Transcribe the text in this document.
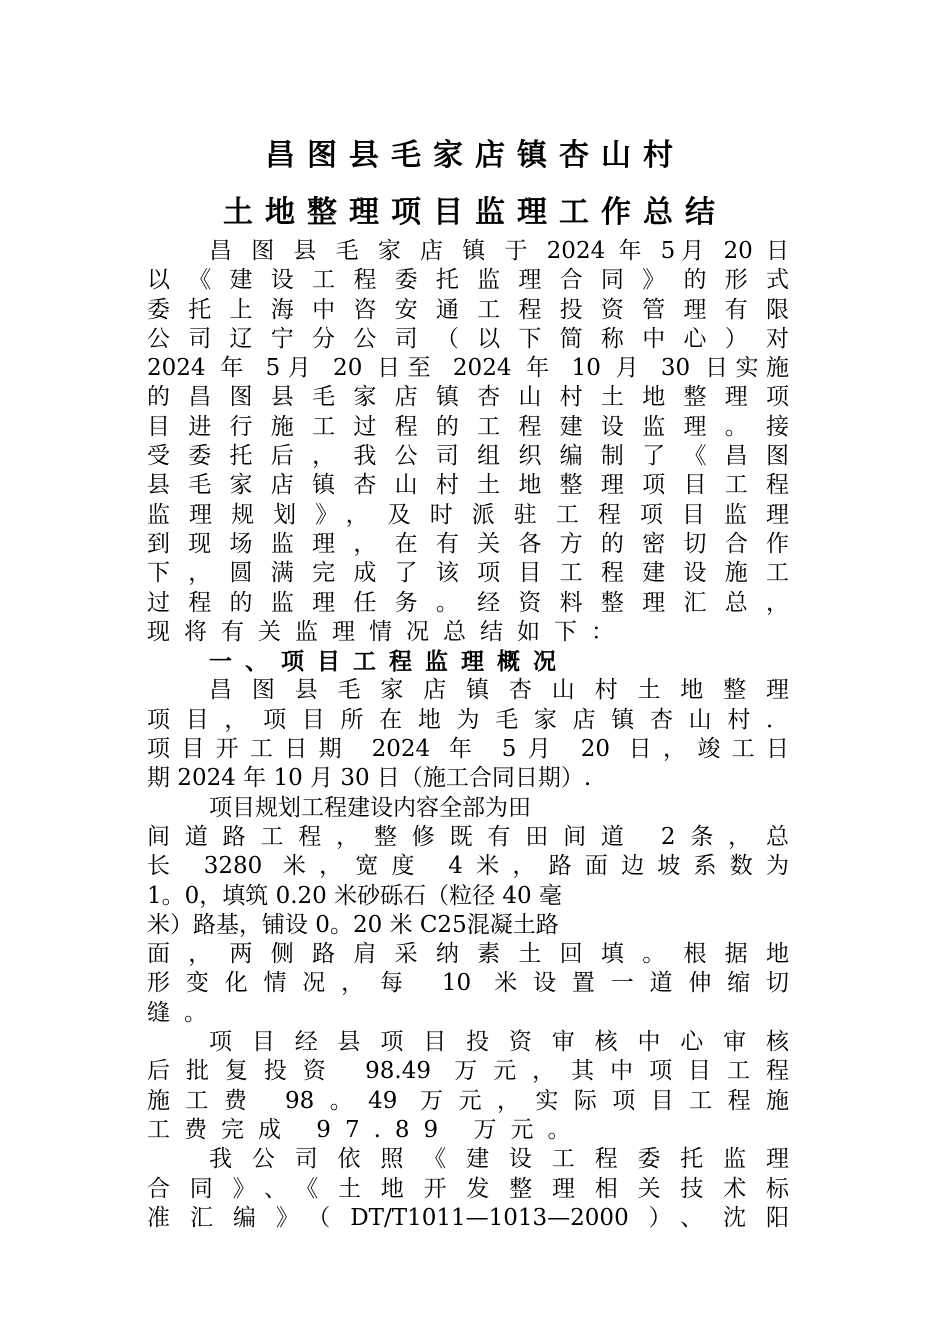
昌图县毛家店镇杏山村
土地整理项目监理工作总结
昌 图 县 毛 家 店 镇 于 2024 年 5月 20 日
以《建设工程委托监理合同》的形式
委托上海中咨安通工程投资管理有限
公司辽宁分公司（以下简称中心）对
2024 年 5月 20 日至 2024 年 10 月 30 日实施
的昌图县毛家店镇杏山村土地整理项
目进行施工过程的工程建设监理。接
受委托后，我公司组织编制了《昌图
县毛家店镇杏山村土地整理项目工程
监理规划》，及时派驻工程项目监理
到现场监理，在有关各方的密切合作
下，圆满完成了该项目工程建设施工
过程的监理任务。经资料整理汇总，
现将有关监理情况总结如下：
一、项目工程监理概况
昌图县毛家店镇杏山村土地整理
项目，项目所在地为毛家店镇杏山村．
项目开工日期 2024 年 5月 20 日，竣工日
期 2024 年 10 月 30 日（施工合同日期）.
项目规划工程建设内容全部为田
间道路工程，整修既有田间道 2条，总
长 3280 米，宽度 4米，路面边坡系数为
1。0，填筑 0.20 米砂砾石（粒径 40 毫
米）路基，铺设 0。20 米 C25混凝土路
面，两侧路肩采纳素土回填。根据地
形变化情况，每 10 米设置一道伸缩切
缝。
项目经县项目投资审核中心审核
后批复投资 98.49 万元，其中项目工程
施工费 98。49 万元，实际项目工程施
工费完成 97.89 万元。
我公司依照《建设工程委托监理
合同》、《土地开发整理相关技术标
准汇编》（DT/T1011—1013—2000）、沈阳
